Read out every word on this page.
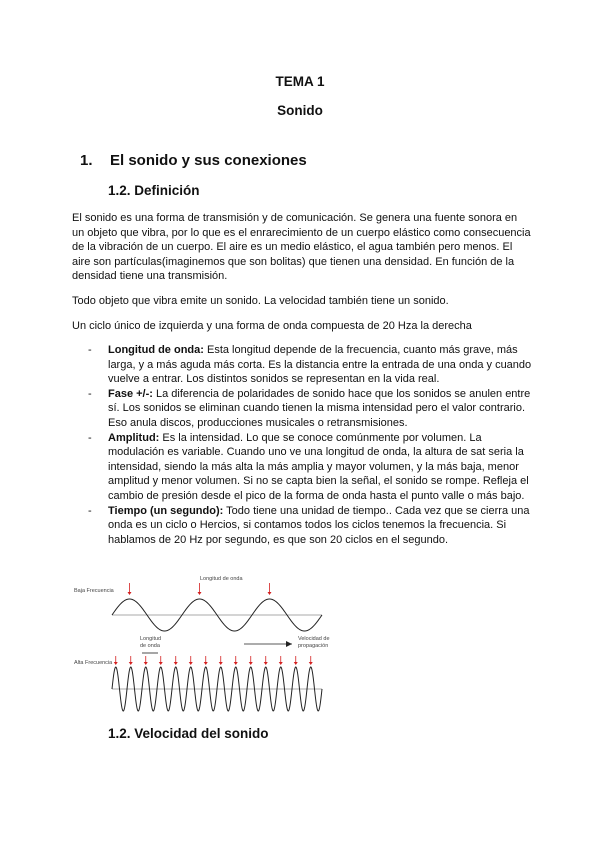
TEMA 1
Sonido
1. El sonido y sus conexiones
1.2. Definición

El sonido es una forma de transmisión y de comunicación. Se genera una fuente sonora en un objeto que vibra, por lo que es el enrarecimiento de un cuerpo elástico como consecuencia de la vibración de un cuerpo. El aire es un medio elástico, el agua también pero menos. El aire son partículas(imaginemos que son bolitas) que tienen una densidad. En función de la densidad tiene una transmisión.

Todo objeto que vibra emite un sonido. La velocidad también tiene un sonido.

Un ciclo único de izquierda y una forma de onda compuesta de 20 Hza la derecha

- Longitud de onda: Esta longitud depende de la frecuencia, cuanto más grave, más larga, y a más aguda más corta. Es la distancia entre la entrada de una onda y cuando vuelve a entrar. Los distintos sonidos se representan en la vida real.
- Fase +/-: La diferencia de polaridades de sonido hace que los sonidos se anulen entre sí. Los sonidos se eliminan cuando tienen la misma intensidad pero el valor contrario. Eso anula discos, producciones musicales o retransmisiones.
- Amplitud: Es la intensidad. Lo que se conoce comúnmente por volumen. La modulación es variable. Cuando uno ve una longitud de onda, la altura de sat seria la intensidad, siendo la más alta la más amplia y mayor volumen, y la más baja, menor amplitud y menor volumen. Si no se capta bien la señal, el sonido se rompe. Refleja el cambio de presión desde el pico de la forma de onda hasta el punto valle o más bajo.
- Tiempo (un segundo): Todo tiene una unidad de tiempo.. Cada vez que se cierra una onda es un ciclo o Hercios, si contamos todos los ciclos tenemos la frecuencia. Si hablamos de 20 Hz por segundo, es que son 20 ciclos en el segundo.
Baja Frecuencia
Longitud de onda
Longitud
de onda
Velocidad de
propagación
Alta Frecuencia
1.2. Velocidad del sonido
